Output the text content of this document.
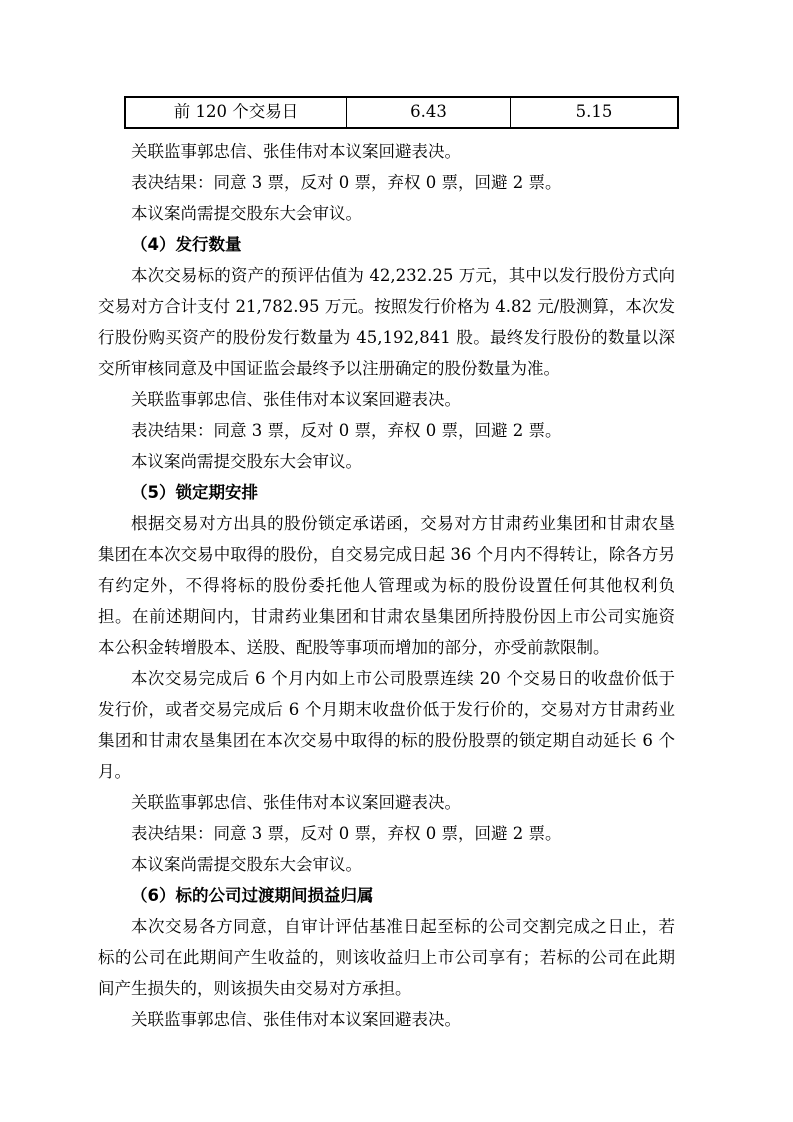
前 120 个交易日	6.43	5.15

关联监事郭忠信、张佳伟对本议案回避表决。

表决结果：同意 3 票，反对 0 票，弃权 0 票，回避 2 票。

本议案尚需提交股东大会审议。

（4）发行数量

本次交易标的资产的预评估值为 42,232.25 万元，其中以发行股份方式向交易对方合计支付 21,782.95 万元。按照发行价格为 4.82 元/股测算，本次发行股份购买资产的股份发行数量为 45,192,841 股。最终发行股份的数量以深交所审核同意及中国证监会最终予以注册确定的股份数量为准。

关联监事郭忠信、张佳伟对本议案回避表决。

表决结果：同意 3 票，反对 0 票，弃权 0 票，回避 2 票。

本议案尚需提交股东大会审议。

（5）锁定期安排

根据交易对方出具的股份锁定承诺函，交易对方甘肃药业集团和甘肃农垦集团在本次交易中取得的股份，自交易完成日起 36 个月内不得转让，除各方另有约定外，不得将标的股份委托他人管理或为标的股份设置任何其他权利负担。在前述期间内，甘肃药业集团和甘肃农垦集团所持股份因上市公司实施资本公积金转增股本、送股、配股等事项而增加的部分，亦受前款限制。

本次交易完成后 6 个月内如上市公司股票连续 20 个交易日的收盘价低于发行价，或者交易完成后 6 个月期末收盘价低于发行价的，交易对方甘肃药业集团和甘肃农垦集团在本次交易中取得的标的股份股票的锁定期自动延长 6 个月。

关联监事郭忠信、张佳伟对本议案回避表决。

表决结果：同意 3 票，反对 0 票，弃权 0 票，回避 2 票。

本议案尚需提交股东大会审议。

（6）标的公司过渡期间损益归属

本次交易各方同意，自审计评估基准日起至标的公司交割完成之日止，若标的公司在此期间产生收益的，则该收益归上市公司享有；若标的公司在此期间产生损失的，则该损失由交易对方承担。

关联监事郭忠信、张佳伟对本议案回避表决。
